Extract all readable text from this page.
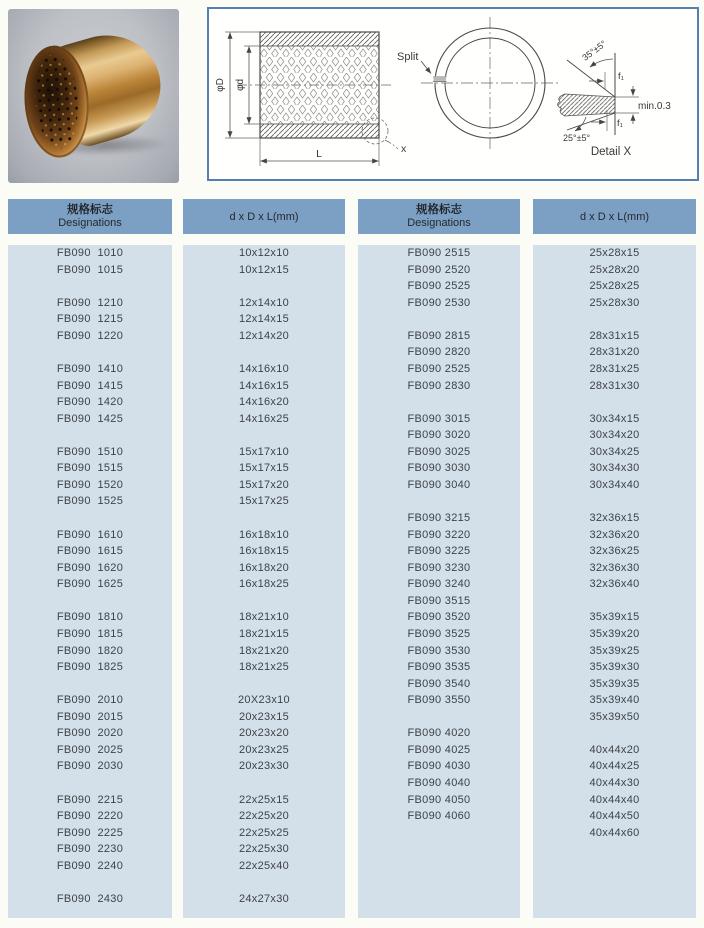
φD φd
L	x
Split	35°±5°
f₁
min.0.3
f₁
25°±5°
Detail X
规格标志
Designations
d x D x L(mm)
规格标志
Designations
d x D x L(mm)
FB090  1010
FB090  1015

FB090  1210
FB090  1215
FB090  1220

FB090  1410
FB090  1415
FB090  1420
FB090  1425

FB090  1510
FB090  1515
FB090  1520
FB090  1525

FB090  1610
FB090  1615
FB090  1620
FB090  1625

FB090  1810
FB090  1815
FB090  1820
FB090  1825

FB090  2010
FB090  2015
FB090  2020
FB090  2025
FB090  2030

FB090  2215
FB090  2220
FB090  2225
FB090  2230
FB090  2240

FB090  2430
10x12x10
10x12x15

12x14x10
12x14x15
12x14x20

14x16x10
14x16x15
14x16x20
14x16x25

15x17x10
15x17x15
15x17x20
15x17x25

16x18x10
16x18x15
16x18x20
16x18x25

18x21x10
18x21x15
18x21x20
18x21x25

20X23x10
20x23x15
20x23x20
20x23x25
20x23x30

22x25x15
22x25x20
22x25x25
22x25x30
22x25x40

24x27x30
FB090 2515
FB090 2520
FB090 2525
FB090 2530

FB090 2815
FB090 2820
FB090 2525
FB090 2830

FB090 3015
FB090 3020
FB090 3025
FB090 3030
FB090 3040

FB090 3215
FB090 3220
FB090 3225
FB090 3230
FB090 3240
FB090 3515
FB090 3520
FB090 3525
FB090 3530
FB090 3535
FB090 3540
FB090 3550

FB090 4020
FB090 4025
FB090 4030
FB090 4040
FB090 4050
FB090 4060

25x28x15
25x28x20
25x28x25
25x28x30

28x31x15
28x31x20
28x31x25
28x31x30

30x34x15
30x34x20
30x34x25
30x34x30
30x34x40

32x36x15
32x36x20
32x36x25
32x36x30
32x36x40

35x39x15
35x39x20
35x39x25
35x39x30
35x39x35
35x39x40
35x39x50

40x44x20
40x44x25
40x44x30
40x44x40
40x44x50
40x44x60
